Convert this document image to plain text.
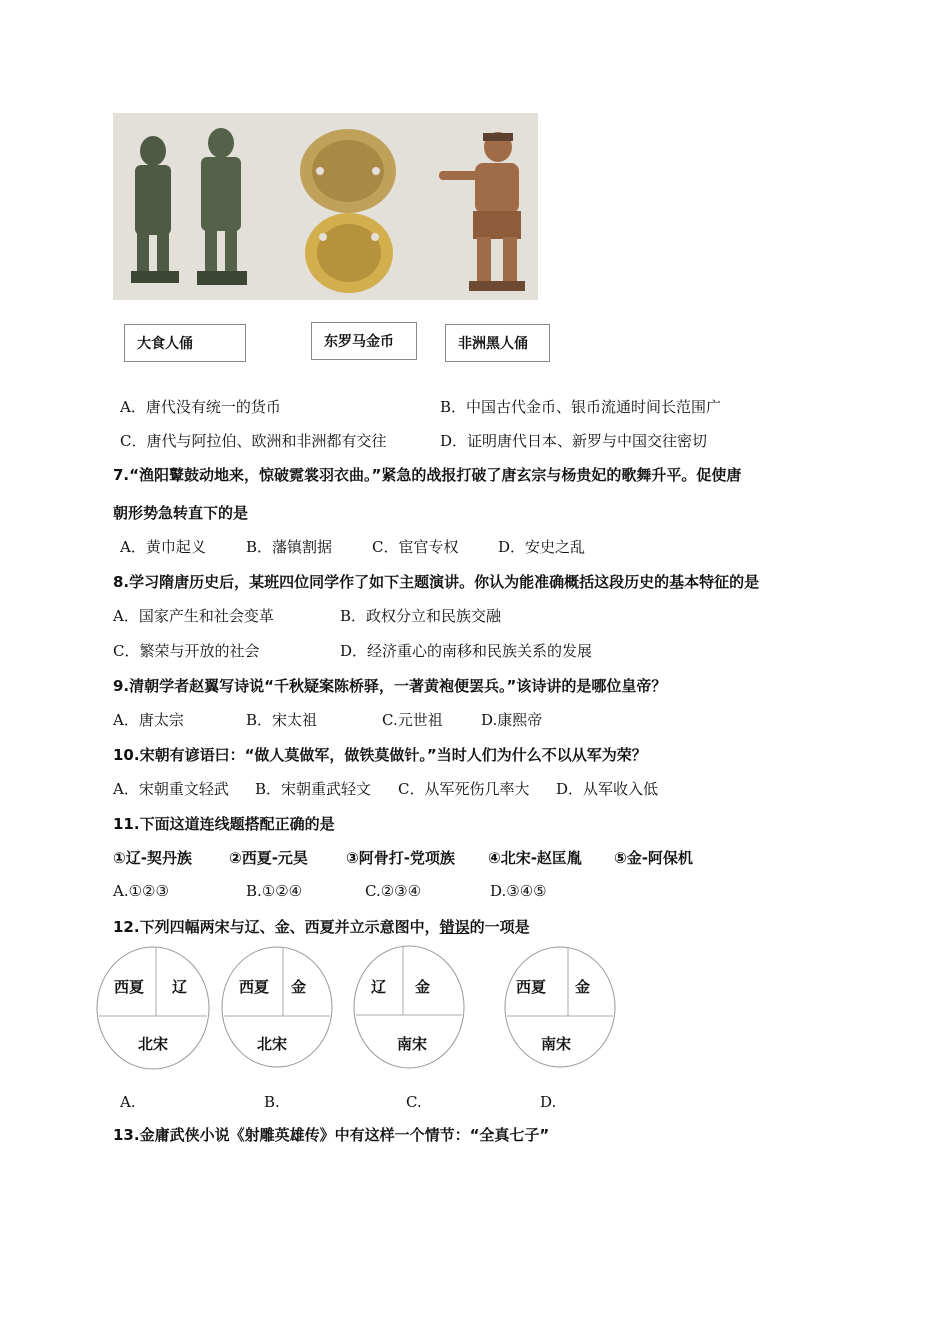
大食人俑	东罗马金币	非洲黑人俑
A．唐代没有统一的货币	B．中国古代金币、银币流通时间长范围广
C．唐代与阿拉伯、欧洲和非洲都有交往	D．证明唐代日本、新罗与中国交往密切
7.“渔阳鼙鼓动地来，惊破霓裳羽衣曲。”紧急的战报打破了唐玄宗与杨贵妃的歌舞升平。促使唐
朝形势急转直下的是
A．黄巾起义	B．藩镇割据	C．宦官专权	D．安史之乱
8.学习隋唐历史后，某班四位同学作了如下主题演讲。你认为能准确概括这段历史的基本特征的是
A．国家产生和社会变革	B．政权分立和民族交融
C．繁荣与开放的社会	D．经济重心的南移和民族关系的发展
9.清朝学者赵翼写诗说“千秋疑案陈桥驿，一著黄袍便罢兵。”该诗讲的是哪位皇帝？
A．唐太宗	B．宋太祖	C.元世祖	D.康熙帝
10.宋朝有谚语曰：“做人莫做军，做铁莫做针。”当时人们为什么不以从军为荣？
A．宋朝重文轻武 B．宋朝重武轻文 C．从军死伤几率大 D．从军收入低
11.下面这道连线题搭配正确的是
①辽-契丹族 ②西夏-元昊	③阿骨打-党项族 ④北宋-赵匡胤 ⑤金-阿保机
A.①②③	B.①②④	C.②③④	D.③④⑤
12.下列四幅两宋与辽、金、西夏并立示意图中，错误的一项是
西夏 辽
北宋
西夏 金
北宋
辽 金
南宋
西夏 金
南宋
A.	B.	C.	D.
13.金庸武侠小说《射雕英雄传》中有这样一个情节：“全真七子”
